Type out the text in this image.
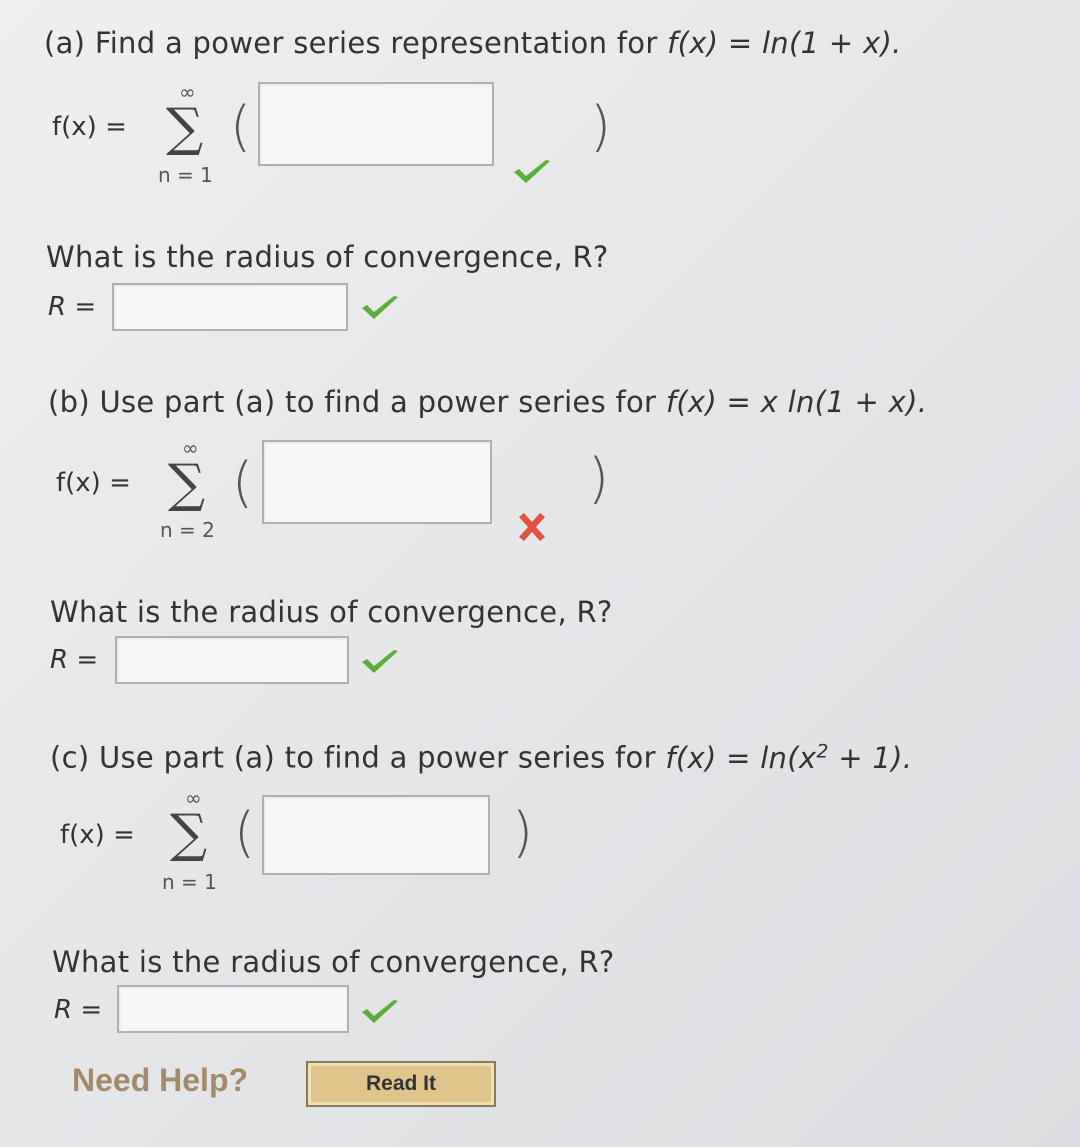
(a) Find a power series representation for f(x) = ln(1 + x).
f(x) =
∞
∑
n = 1
(	)
What is the radius of convergence, R?
R =
(b) Use part (a) to find a power series for f(x) = x ln(1 + x).
f(x) =
∞
∑
n = 2
(	)
What is the radius of convergence, R?
R =
(c) Use part (a) to find a power series for $f(x) = \ln(x^2 + 1)$.
f(x) =
∞
∑
n = 1
(	)
What is the radius of convergence, R?
R =
Need Help?	Read It
